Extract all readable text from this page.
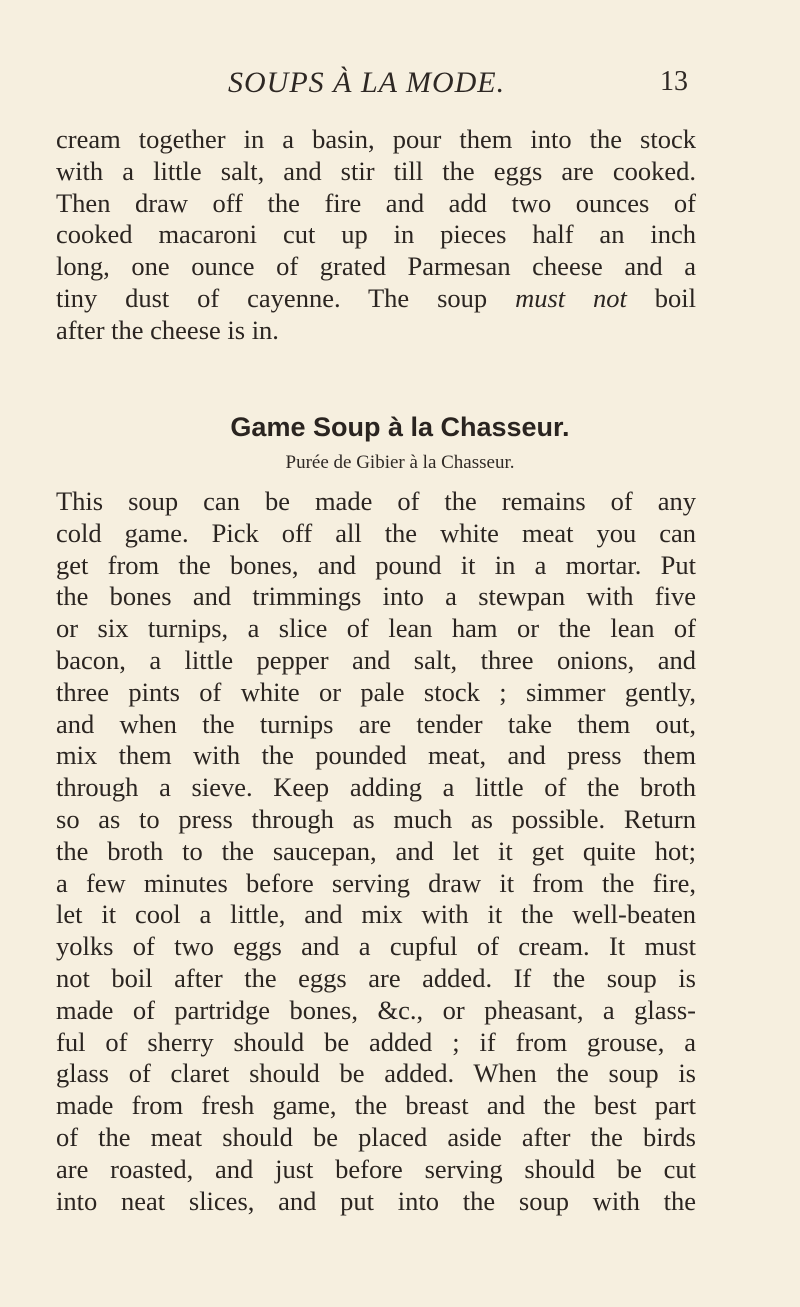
SOUPS À LA MODE.	13
cream together in a basin, pour them into the stock
with a little salt, and stir till the eggs are cooked.
Then draw off the fire and add two ounces of
cooked macaroni cut up in pieces half an inch
long, one ounce of grated Parmesan cheese and a
tiny dust of cayenne. The soup must not boil
after the cheese is in.
Game Soup à la Chasseur.
Purée de Gibier à la Chasseur.
This soup can be made of the remains of any
cold game. Pick off all the white meat you can
get from the bones, and pound it in a mortar. Put
the bones and trimmings into a stewpan with five
or six turnips, a slice of lean ham or the lean of
bacon, a little pepper and salt, three onions, and
three pints of white or pale stock ; simmer gently,
and when the turnips are tender take them out,
mix them with the pounded meat, and press them
through a sieve. Keep adding a little of the broth
so as to press through as much as possible. Return
the broth to the saucepan, and let it get quite hot;
a few minutes before serving draw it from the fire,
let it cool a little, and mix with it the well-beaten
yolks of two eggs and a cupful of cream. It must
not boil after the eggs are added. If the soup is
made of partridge bones, &c., or pheasant, a glass-
ful of sherry should be added ; if from grouse, a
glass of claret should be added. When the soup is
made from fresh game, the breast and the best part
of the meat should be placed aside after the birds
are roasted, and just before serving should be cut
into neat slices, and put into the soup with the
